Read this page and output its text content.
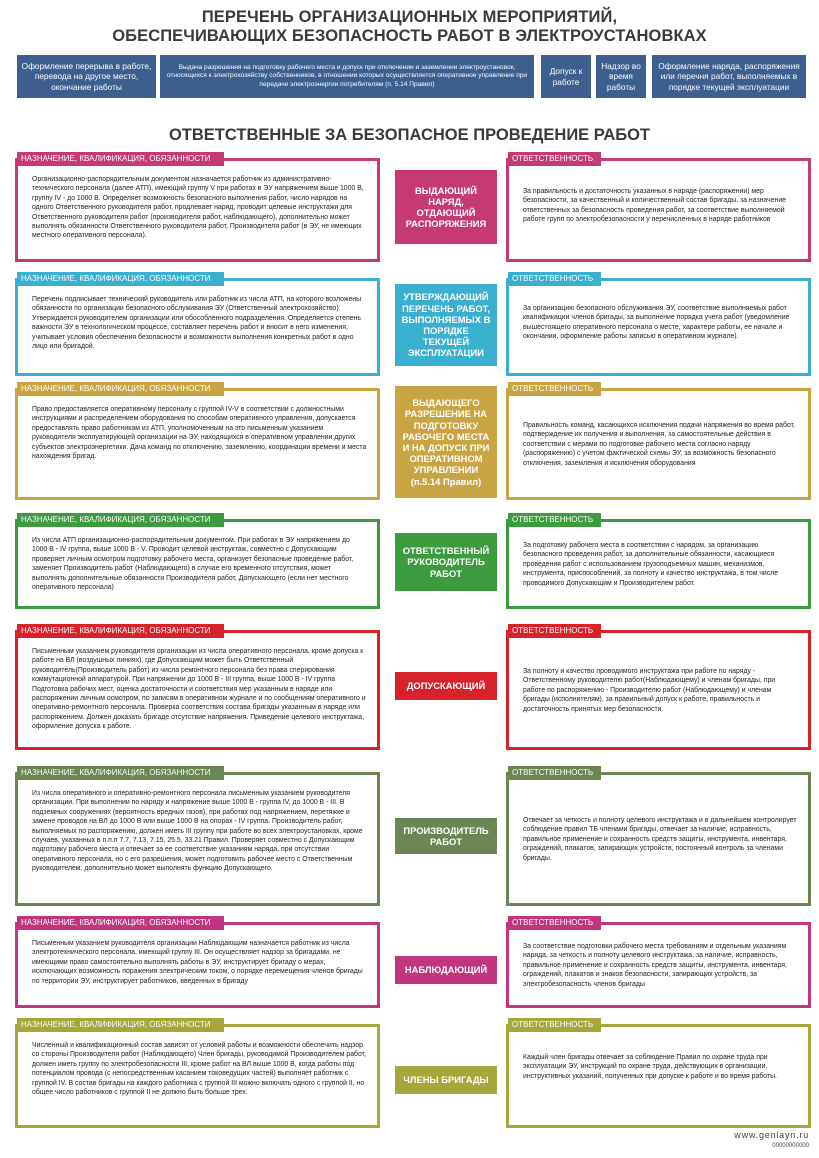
ПЕРЕЧЕНЬ ОРГАНИЗАЦИОННЫХ МЕРОПРИЯТИЙ,
ОБЕСПЕЧИВАЮЩИХ БЕЗОПАСНОСТЬ РАБОТ В ЭЛЕКТРОУСТАНОВКАХ
Оформление перерыва в работе, перевода на другое место, окончание работы
Выдача разрешения на подготовку рабочего места и допуск при отключении и заземлении электроустановок, относящихся к электрохозяйству собственников, в отношении которых осуществляется оперативное управление при передаче электроэнергии потребителям (п. 5.14 Правил)
Допуск к работе
Надзор во время работы
Оформление наряда, распоряжения или перечня работ, выполняемых в порядке текущей эксплуатации
ОТВЕТСТВЕННЫЕ ЗА БЕЗОПАСНОЕ ПРОВЕДЕНИЕ РАБОТ
Организационно-распорядительным документом назначается работник из административно-технического персонала (далее АТП), имеющий группу V при работах в ЭУ напряжением выше 1000 В, группу IV - до 1000 В. Определяет возможность безопасного выполнения работ, число нарядов на одного Ответственного руководителя работ, продлевает наряд, проводит целевые инструктажи для Ответственного руководителя работ (производителя работ, наблюдающего), дополнительно может выполнять обязанности Ответственного руководителя работ, Производителя работ (в ЭУ, не имеющих местного оперативного персонала).
НАЗНАЧЕНИЕ, КВАЛИФИКАЦИЯ, ОБЯЗАННОСТИ
ВЫДАЮЩИЙ НАРЯД, ОТДАЮЩИЙ РАСПОРЯЖЕНИЯ
За правильность и достаточность указанных в наряде (распоряжении) мер безопасности, за качественный и количественный состав бригады, за назначение ответственных за безопасность проведения работ, за соответствие выполняемой работе групп по электробезопасности у перечисленных в наряде работников
ОТВЕТСТВЕННОСТЬ
Перечень подписывает технический руководитель или работник из числа АТП, на которого возложены обязанности по организации безопасного обслуживания ЭУ (Ответственный электрохозяйство). Утверждается руководителем организации или обособленного подразделения. Определяется степень важности ЭУ в технологическом процессе, составляет перечень работ и вносит в него изменения, учитывает условия обеспечения безопасности и возможности выполнения конкретных работ в одно лицо или бригадой.
НАЗНАЧЕНИЕ, КВАЛИФИКАЦИЯ, ОБЯЗАННОСТИ
УТВЕРЖДАЮЩИЙ ПЕРЕЧЕНЬ РАБОТ, ВЫПОЛНЯЕМЫХ В ПОРЯДКЕ ТЕКУЩЕЙ ЭКСПЛУАТАЦИИ
За организацию безопасного обслуживания ЭУ, соответствие выполняемых работ квалификации членов бригады, за выполнение порядка учета работ (уведомление вышестоящего оперативного персонала о месте, характере работы, ее начале и окончании, оформление работы записью в оперативном журнале).
ОТВЕТСТВЕННОСТЬ
Право предоставляется оперативному персоналу с группой IV-V в соответствии с должностными инструкциями и распределением оборудования по способам оперативного управления, допускается предоставлять право работникам из АТП, уполномоченным на это письменным указанием руководителя эксплуатирующей организации на ЭУ, находящихся в оперативном управлении других субъектов электроэнергетики. Дача команд по отключению, заземлению, координации времени и места нахождения бригад.
НАЗНАЧЕНИЕ, КВАЛИФИКАЦИЯ, ОБЯЗАННОСТИ
ВЫДАЮЩЕГО РАЗРЕШЕНИЕ НА ПОДГОТОВКУ РАБОЧЕГО МЕСТА И НА ДОПУСК ПРИ ОПЕРАТИВНОМ УПРАВЛЕНИИ (п.5.14 Правил)
Правильность команд, касающихся исключения подачи напряжения во время работ, подтверждение их получения и выполнения, за самостоятельные действия в соответствии с мерами по подготовке рабочего места согласно наряду (распоряжению) с учетом фактической схемы ЭУ, за возможность безопасного отключения, заземления и исключения оборудования
ОТВЕТСТВЕННОСТЬ
Из числа АТП организационно-распорядительным документом. При работах в ЭУ напряжением до 1000 В - IV группа, выше 1000 В - V. Проводит целевой инструктаж, совместно с Допускающим проверяет личным осмотром подготовку рабочего места, организует безопасные проведение работ, заменяет Производитель работ (Наблюдающего) в случае его временного отсутствия, может выполнять дополнительные обязанности Производителя работ, Допускающего (если нет местного оперативного персонала)
НАЗНАЧЕНИЕ, КВАЛИФИКАЦИЯ, ОБЯЗАННОСТИ
ОТВЕТСТВЕННЫЙ РУКОВОДИТЕЛЬ РАБОТ
За подготовку рабочего места в соответствии с нарядом, за организацию безопасного проведения работ, за дополнительные обязанности, касающиеся проведения работ с использованием грузоподъемных машин, механизмов, инструмента, приспособлений, за полноту и качество инструктажа, в том числе проводимого Допускающим и Производителем работ.
ОТВЕТСТВЕННОСТЬ
Письменным указанием руководителя организации из числа оперативного персонала, кроме допуска к работе на ВЛ (воздушных линиях), где Допускающим может быть Ответственный руководитель(Производитель работ) из числа ремонтного персонала без права сперирования коммутационной аппаратурой. При напряжении до 1000 В - III группа, выше 1000 В - IV группа Подготовка рабочих мест, оценка достаточности и соответствия мер указанным в наряде или распоряжении личным осмотром, по записям в оперативном журнале и по сообщениям оперативного и оперативно-ремонтного персонала. Проверка соответствия состава бригады указанным в наряде или распоряжением. Должен доказать бригаде отсутствие напряжения. Приведение целевого инструктажа, оформление допуска к работе.
НАЗНАЧЕНИЕ, КВАЛИФИКАЦИЯ, ОБЯЗАННОСТИ
ДОПУСКАЮЩИЙ
За полноту и качество проводимого инструктажа при работе по наряду - Ответственному руководителю работ(Наблюдающему) и членам бригады, при работе по распоряжению - Производителю работ (Наблюдающему) и членам бригады (исполнителям), за правильный допуск к работе, правильность и достаточность принятых мер безопасности.
ОТВЕТСТВЕННОСТЬ
Из числа оперативного и оперативно-ремонтного персонала письменным указанием руководителя организации. При выполнении по наряду и напряжение выше 1000 В - группа IV, до 1000 В - III. В подземных сооружениях (вероятность вредных газов), при работах под напряжением, перетяжке и замене проводов на ВЛ до 1000 В или выше 1000 В на опорах - IV группа. Производитель работ, выполняемых по распоряжению, должен иметь III группу при работе во всех электроустановках, кроме случаев, указанных в п.п.п 7.7, 7.13, 7.15, 25.5, 33.21 Правил. Проверяет совместно с Допускающим подготовку рабочего места и отвечает за ее соответствие указаниям наряда, при отсутствии оперативного персонала, но с его разрешения, может подготовить рабочее место с Ответственным руководителем, дополнительно может выполнять функцию Допускающего.
НАЗНАЧЕНИЕ, КВАЛИФИКАЦИЯ, ОБЯЗАННОСТИ
ПРОИЗВОДИТЕЛЬ РАБОТ
Отвечает за четкость и полноту целевого инструктажа и в дальнейшем контролирует соблюдение правил ТБ членами бригады, отвечает за наличие, исправность, правильное применение и сохранность средств защиты, инструмента, инвентаря, ограждений, плакатов, запирающих устройств, постоянный контроль за членами бригады.
ОТВЕТСТВЕННОСТЬ
Письменным указанием руководителя организации Наблюдающим назначается работник из числа электротехнического персонала, имеющий группу III. Он осуществляет надзор за бригадами, не имеющими право самостоятельно выполнять работы в ЭУ, инструктирует бригаду о мерах, исключающих возможность поражения электрическим током, о порядке перемещения членов бригады по территории ЭУ, инструктирует работников, введенных в бригаду
НАЗНАЧЕНИЕ, КВАЛИФИКАЦИЯ, ОБЯЗАННОСТИ
НАБЛЮДАЮЩИЙ
За соответствие подготовки рабочего места требованиям и отдельным указаниям наряда, за четкость и полноту целевого инструктажа, за наличие, исправность, правильное применение и сохранность средств защиты, инструмента, инвентаря, ограждений, плакатов и знаков безопасности, запирающих устройств, за электробезопасность членов бригады
ОТВЕТСТВЕННОСТЬ
Численный и квалификационный состав зависят от условий работы и возможности обеспечить надзор со стороны Производителя работ (Наблюдающего) Член бригады, руководимой Производителем работ, должен иметь группу по электробезопасности III, кроме работ на ВЛ выше 1000 В, когда работы под потенциалом провода (с непосредственным касанием токоведущих частей) выполняет работник с группой IV. В состав бригады на каждого работника с группой III можно включать одного с группой II, но общее число работников с группой II не должно быть больше трех.
НАЗНАЧЕНИЕ, КВАЛИФИКАЦИЯ, ОБЯЗАННОСТИ
ЧЛЕНЫ БРИГАДЫ
Каждый член бригады отвечает за соблюдение Правил по охране труда при эксплуатации ЭУ, инструкций по охране труда, действующих в организации, инструктивных указаний, полученных при допуске к работе и во время работы.
ОТВЕТСТВЕННОСТЬ
www.genlayn.ru
00000000000
